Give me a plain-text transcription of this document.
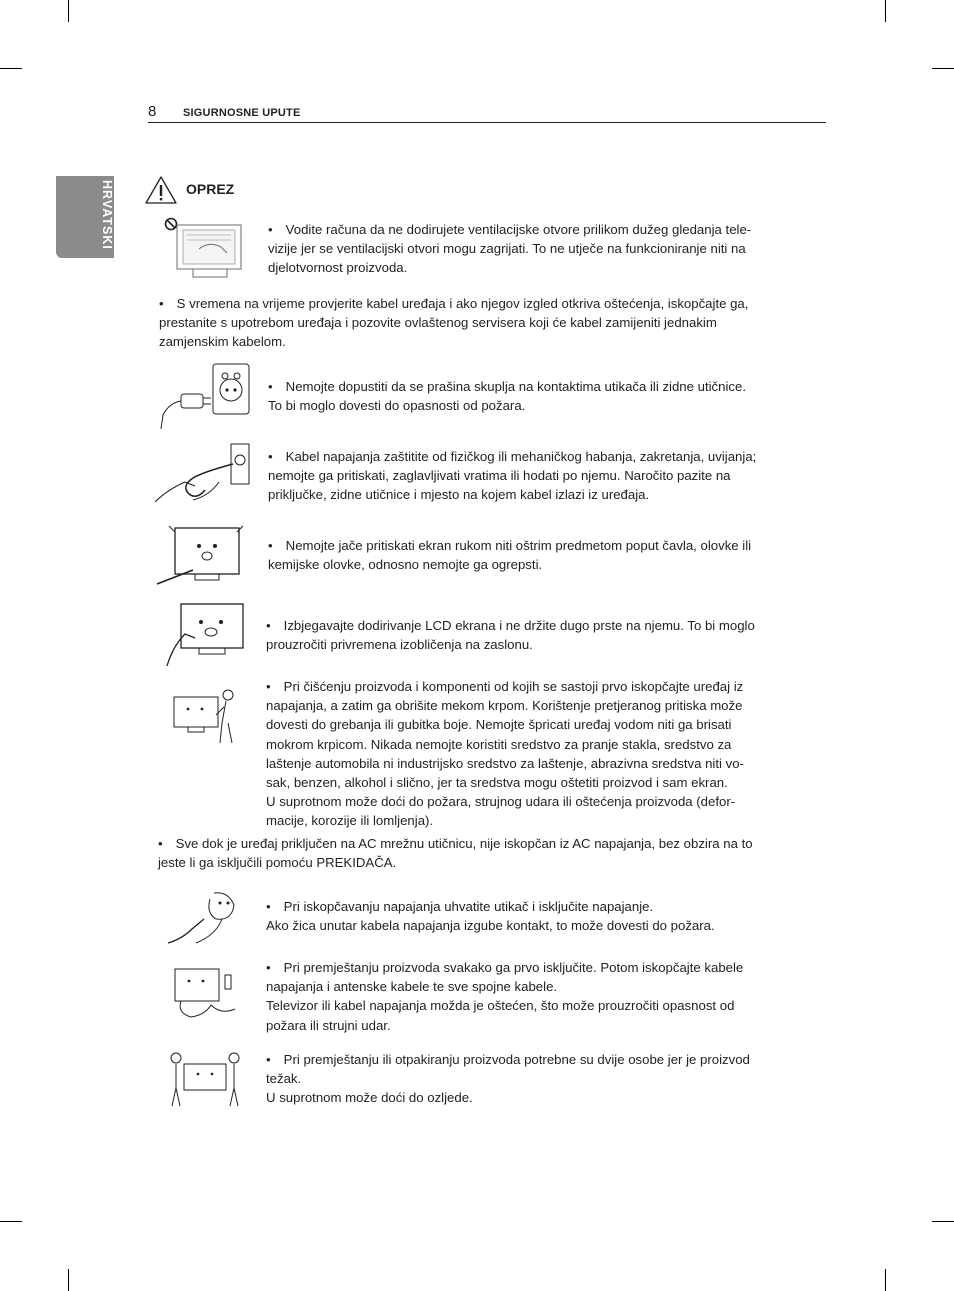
8 SIGURNOSNE UPUTE
HRVATSKI	OPREZ
• Vodite računa da ne dodirujete ventilacijske otvore prilikom dužeg gledanja tele-
vizije jer se ventilacijski otvori mogu zagrijati. To ne utječe na funkcioniranje niti na
djelotvornost proizvoda.
• S vremena na vrijeme provjerite kabel uređaja i ako njegov izgled otkriva oštećenja, iskopčajte ga,
prestanite s upotrebom uređaja i pozovite ovlaštenog servisera koji će kabel zamijeniti jednakim
zamjenskim kabelom.
• Nemojte dopustiti da se prašina skuplja na kontaktima utikača ili zidne utičnice.
To bi moglo dovesti do opasnosti od požara.
• Kabel napajanja zaštitite od fizičkog ili mehaničkog habanja, zakretanja, uvijanja;
nemojte ga pritiskati, zaglavljivati vratima ili hodati po njemu. Naročito pazite na
priključke, zidne utičnice i mjesto na kojem kabel izlazi iz uređaja.
• Nemojte jače pritiskati ekran rukom niti oštrim predmetom poput čavla, olovke ili
kemijske olovke, odnosno nemojte ga ogrepsti.
• Izbjegavajte dodirivanje LCD ekrana i ne držite dugo prste na njemu. To bi moglo
prouzročiti privremena izobličenja na zaslonu.
• Pri čišćenju proizvoda i komponenti od kojih se sastoji prvo iskopčajte uređaj iz
napajanja, a zatim ga obrišite mekom krpom. Korištenje pretjeranog pritiska može
dovesti do grebanja ili gubitka boje. Nemojte špricati uređaj vodom niti ga brisati
mokrom krpicom. Nikada nemojte koristiti sredstvo za pranje stakla, sredstvo za
laštenje automobila ni industrijsko sredstvo za laštenje, abrazivna sredstva niti vo-
sak, benzen, alkohol i slično, jer ta sredstva mogu oštetiti proizvod i sam ekran.
U suprotnom može doći do požara, strujnog udara ili oštećenja proizvoda (defor-
macije, korozije ili lomljenja).
• Sve dok je uređaj priključen na AC mrežnu utičnicu, nije iskopčan iz AC napajanja, bez obzira na to
jeste li ga isključili pomoću PREKIDAČA.
• Pri iskopčavanju napajanja uhvatite utikač i isključite napajanje.
Ako žica unutar kabela napajanja izgube kontakt, to može dovesti do požara.
• Pri premještanju proizvoda svakako ga prvo isključite. Potom iskopčajte kabele
napajanja i antenske kabele te sve spojne kabele.
Televizor ili kabel napajanja možda je oštećen, što može prouzročiti opasnost od
požara ili strujni udar.
• Pri premještanju ili otpakiranju proizvoda potrebne su dvije osobe jer je proizvod
težak.
U suprotnom može doći do ozljede.
